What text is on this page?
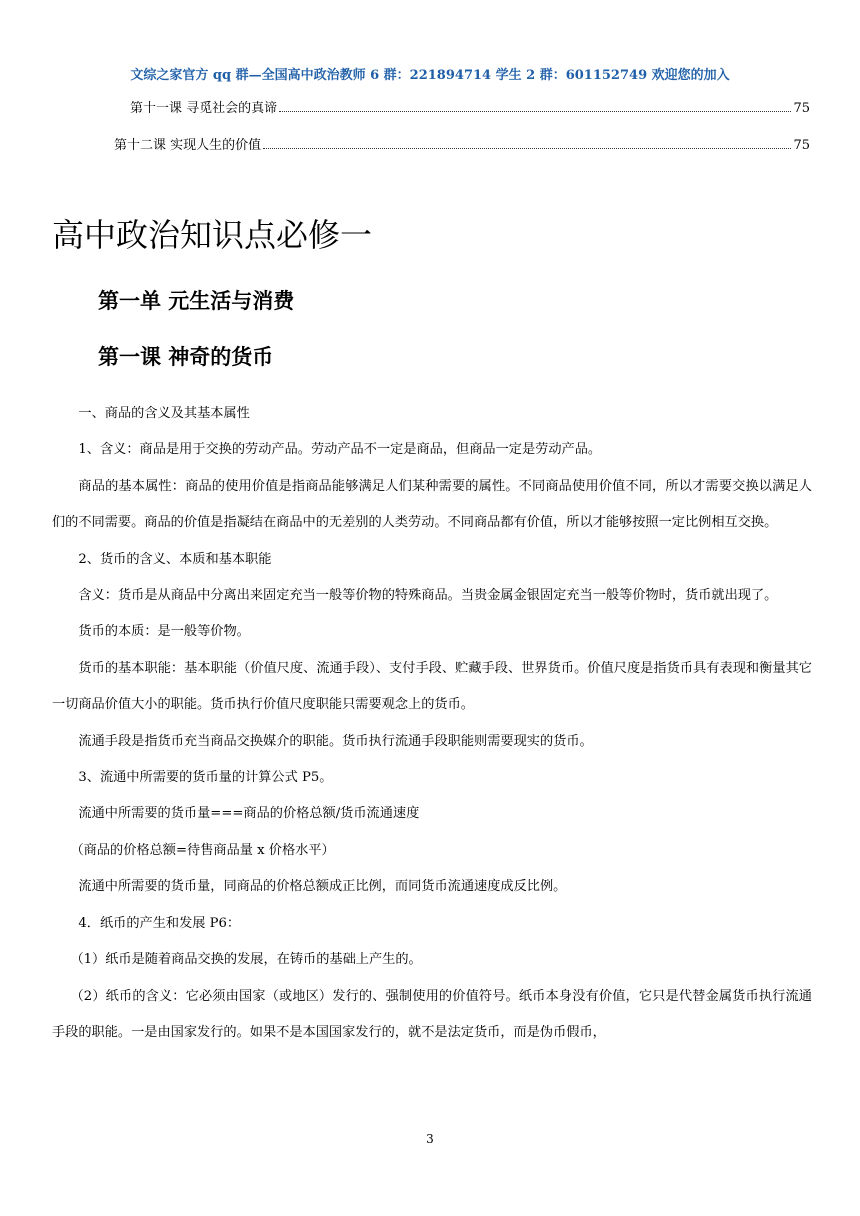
文综之家官方 qq 群—全国高中政治教师 6 群：221894714 学生 2 群：601152749 欢迎您的加入
第十一课 寻觅社会的真谛	75
第十二课 实现人生的价值	75
高中政治知识点必修一
第一单 元生活与消费
第一课 神奇的货币

一、商品的含义及其基本属性

1、含义：商品是用于交换的劳动产品。劳动产品不一定是商品，但商品一定是劳动产品。

商品的基本属性：商品的使用价值是指商品能够满足人们某种需要的属性。不同商品使用价值不同，所以才需要交换以满足人们的不同需要。商品的价值是指凝结在商品中的无差别的人类劳动。不同商品都有价值，所以才能够按照一定比例相互交换。

2、货币的含义、本质和基本职能

含义：货币是从商品中分离出来固定充当一般等价物的特殊商品。当贵金属金银固定充当一般等价物时，货币就出现了。

货币的本质：是一般等价物。

货币的基本职能：基本职能（价值尺度、流通手段）、支付手段、贮藏手段、世界货币。价值尺度是指货币具有表现和衡量其它一切商品价值大小的职能。货币执行价值尺度职能只需要观念上的货币。

流通手段是指货币充当商品交换媒介的职能。货币执行流通手段职能则需要现实的货币。

3、流通中所需要的货币量的计算公式 P5。

流通中所需要的货币量===商品的价格总额/货币流通速度

（商品的价格总额=待售商品量 x 价格水平）

流通中所需要的货币量，同商品的价格总额成正比例，而同货币流通速度成反比例。

4．纸币的产生和发展 P6：

（1）纸币是随着商品交换的发展，在铸币的基础上产生的。

（2）纸币的含义：它必须由国家（或地区）发行的、强制使用的价值符号。纸币本身没有价值，它只是代替金属货币执行流通手段的职能。一是由国家发行的。如果不是本国国家发行的，就不是法定货币，而是伪币假币，

3
